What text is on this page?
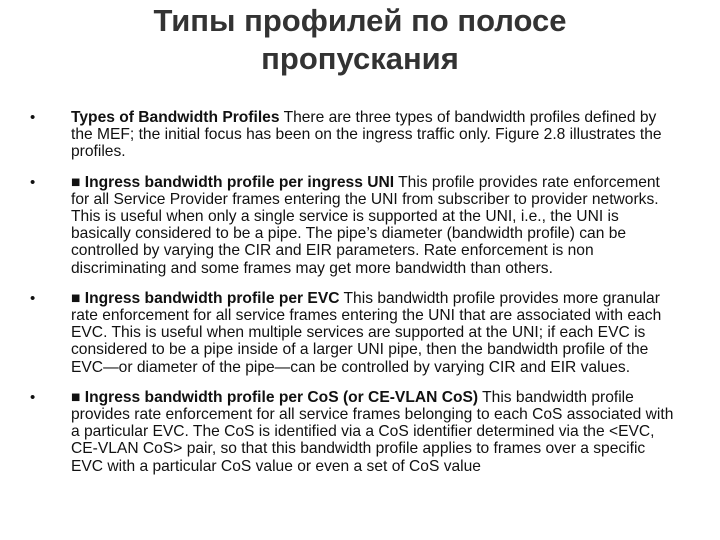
Типы профилей по полосе
пропускания
• Types of Bandwidth Profiles There are three types of bandwidth profiles defined by the MEF; the initial focus has been on the ingress traffic only. Figure 2.8 illustrates the profiles.
• ■ Ingress bandwidth profile per ingress UNI This profile provides rate enforcement for all Service Provider frames entering the UNI from subscriber to provider networks. This is useful when only a single service is supported at the UNI, i.e., the UNI is basically considered to be a pipe. The pipe’s diameter (bandwidth profile) can be controlled by varying the CIR and EIR parameters. Rate enforcement is non discriminating and some frames may get more bandwidth than others.
• ■ Ingress bandwidth profile per EVC This bandwidth profile provides more granular rate enforcement for all service frames entering the UNI that are associated with each EVC. This is useful when multiple services are supported at the UNI; if each EVC is considered to be a pipe inside of a larger UNI pipe, then the bandwidth profile of the EVC—or diameter of the pipe—can be controlled by varying CIR and EIR values.
• ■ Ingress bandwidth profile per CoS (or CE-VLAN CoS) This bandwidth profile provides rate enforcement for all service frames belonging to each CoS associated with a particular EVC. The CoS is identified via a CoS identifier determined via the <EVC, CE-VLAN CoS> pair, so that this bandwidth profile applies to frames over a specific EVC with a particular CoS value or even a set of CoS value
